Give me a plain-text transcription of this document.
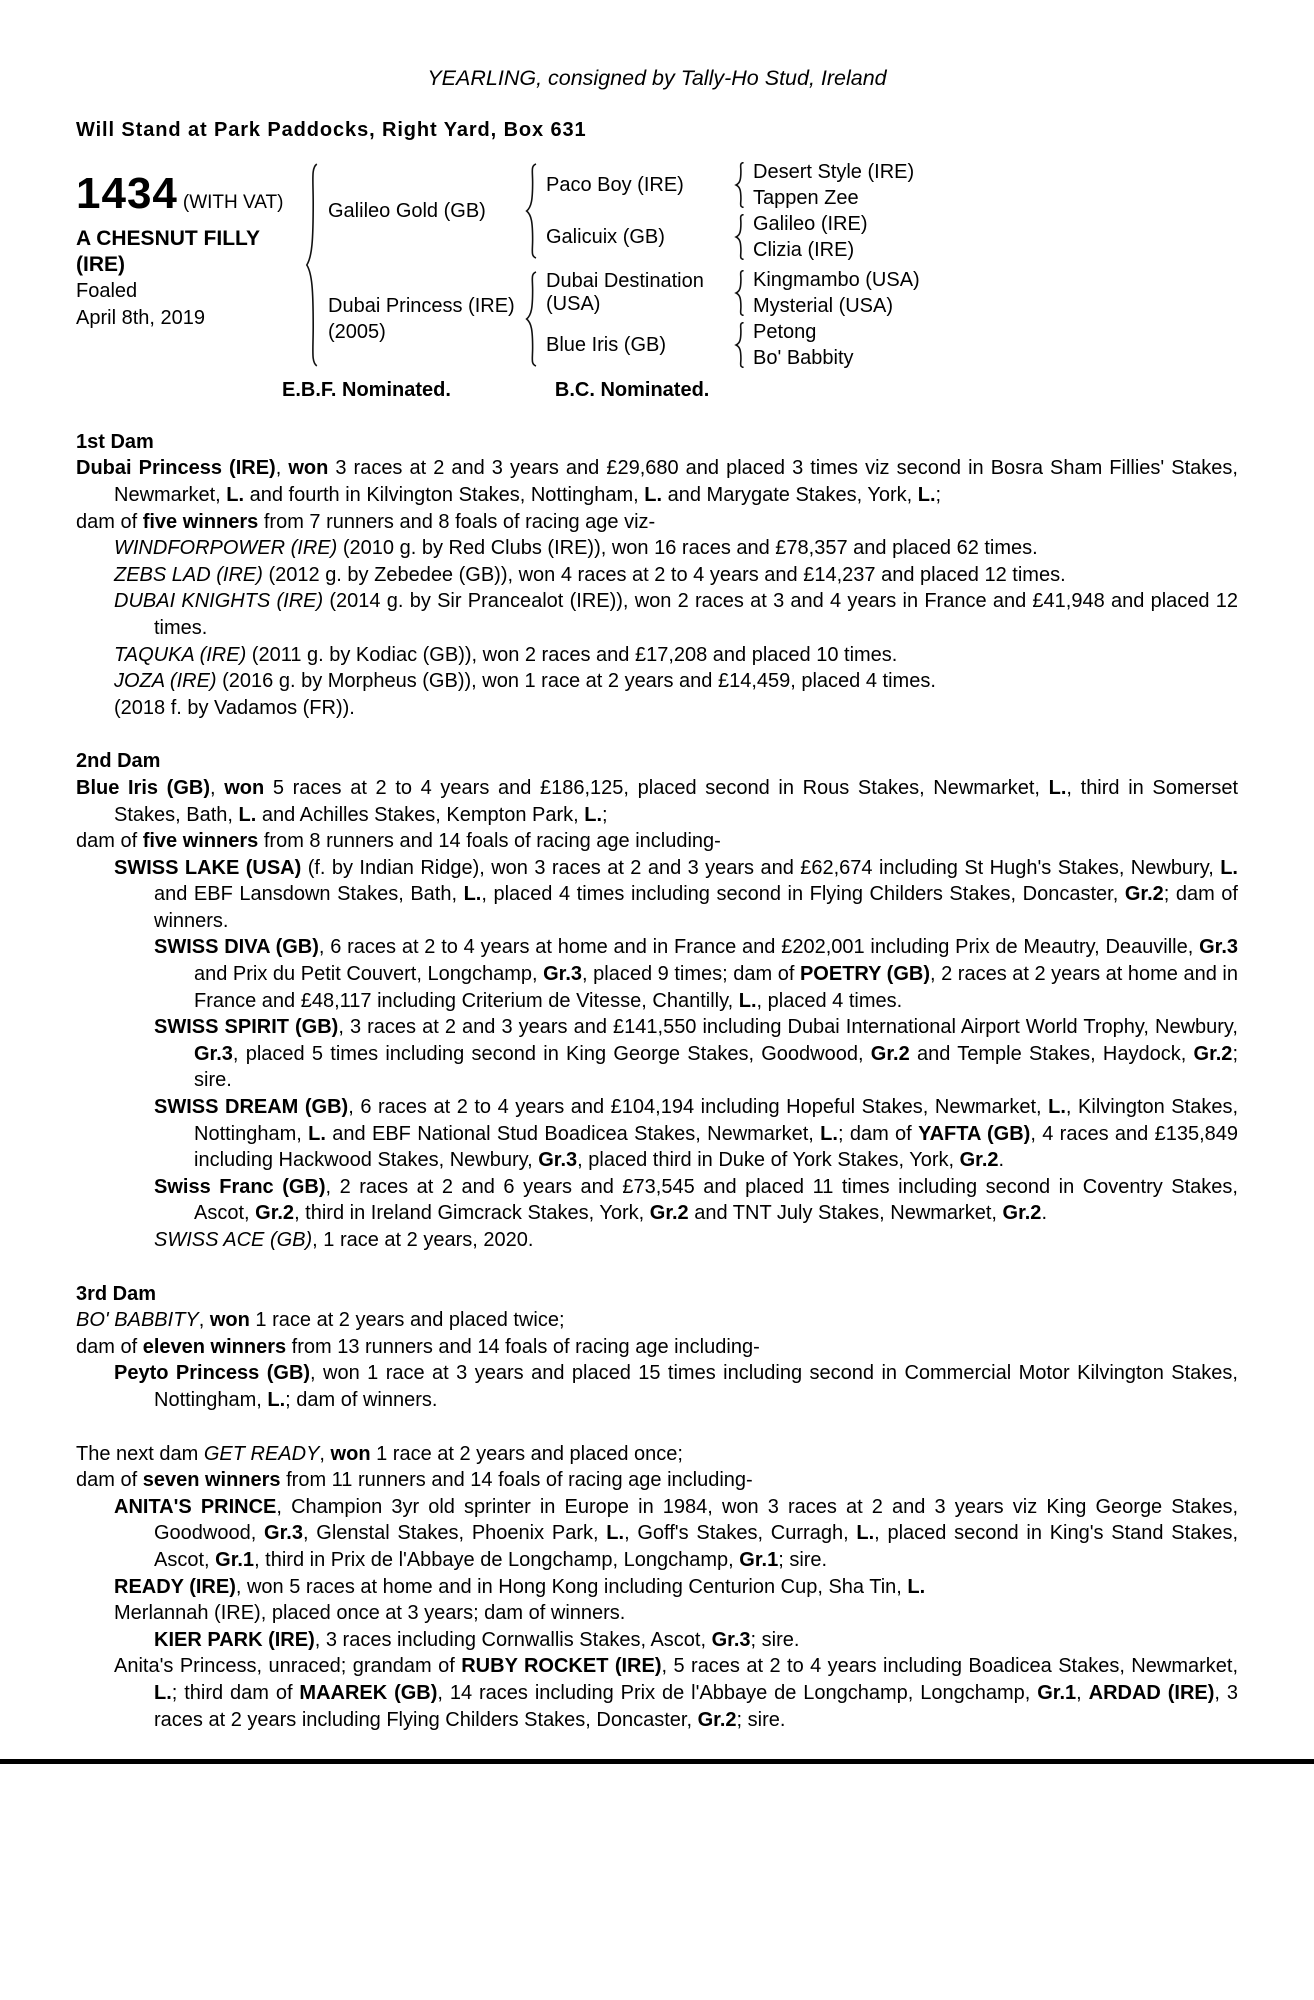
YEARLING, consigned by Tally-Ho Stud, Ireland
Will Stand at Park Paddocks, Right Yard, Box 631
1434 (WITH VAT)
A CHESNUT FILLY
(IRE)
Foaled
April 8th, 2019
Galileo Gold (GB)
Paco Boy (IRE)
Desert Style (IRE)
Tappen Zee
Galicuix (GB)
Galileo (IRE)
Clizia (IRE)
Dubai Princess (IRE)
(2005)
Dubai Destination (USA)
Kingmambo (USA)
Mysterial (USA)
Blue Iris (GB)
Petong
Bo' Babbity
E.B.F. Nominated.	B.C. Nominated.
1st Dam

Dubai Princess (IRE), won 3 races at 2 and 3 years and £29,680 and placed 3 times viz second in Bosra Sham Fillies' Stakes, Newmarket, L. and fourth in Kilvington Stakes, Nottingham, L. and Marygate Stakes, York, L.;

dam of five winners from 7 runners and 8 foals of racing age viz-

WINDFORPOWER (IRE) (2010 g. by Red Clubs (IRE)), won 16 races and £78,357 and placed 62 times.

ZEBS LAD (IRE) (2012 g. by Zebedee (GB)), won 4 races at 2 to 4 years and £14,237 and placed 12 times.

DUBAI KNIGHTS (IRE) (2014 g. by Sir Prancealot (IRE)), won 2 races at 3 and 4 years in France and £41,948 and placed 12 times.

TAQUKA (IRE) (2011 g. by Kodiac (GB)), won 2 races and £17,208 and placed 10 times.

JOZA (IRE) (2016 g. by Morpheus (GB)), won 1 race at 2 years and £14,459, placed 4 times.

(2018 f. by Vadamos (FR)).

2nd Dam

Blue Iris (GB), won 5 races at 2 to 4 years and £186,125, placed second in Rous Stakes, Newmarket, L., third in Somerset Stakes, Bath, L. and Achilles Stakes, Kempton Park, L.;

dam of five winners from 8 runners and 14 foals of racing age including-

SWISS LAKE (USA) (f. by Indian Ridge), won 3 races at 2 and 3 years and £62,674 including St Hugh's Stakes, Newbury, L. and EBF Lansdown Stakes, Bath, L., placed 4 times including second in Flying Childers Stakes, Doncaster, Gr.2; dam of winners.

SWISS DIVA (GB), 6 races at 2 to 4 years at home and in France and £202,001 including Prix de Meautry, Deauville, Gr.3 and Prix du Petit Couvert, Longchamp, Gr.3, placed 9 times; dam of POETRY (GB), 2 races at 2 years at home and in France and £48,117 including Criterium de Vitesse, Chantilly, L., placed 4 times.

SWISS SPIRIT (GB), 3 races at 2 and 3 years and £141,550 including Dubai International Airport World Trophy, Newbury, Gr.3, placed 5 times including second in King George Stakes, Goodwood, Gr.2 and Temple Stakes, Haydock, Gr.2; sire.

SWISS DREAM (GB), 6 races at 2 to 4 years and £104,194 including Hopeful Stakes, Newmarket, L., Kilvington Stakes, Nottingham, L. and EBF National Stud Boadicea Stakes, Newmarket, L.; dam of YAFTA (GB), 4 races and £135,849 including Hackwood Stakes, Newbury, Gr.3, placed third in Duke of York Stakes, York, Gr.2.

Swiss Franc (GB), 2 races at 2 and 6 years and £73,545 and placed 11 times including second in Coventry Stakes, Ascot, Gr.2, third in Ireland Gimcrack Stakes, York, Gr.2 and TNT July Stakes, Newmarket, Gr.2.

SWISS ACE (GB), 1 race at 2 years, 2020.

3rd Dam

BO' BABBITY, won 1 race at 2 years and placed twice;

dam of eleven winners from 13 runners and 14 foals of racing age including-

Peyto Princess (GB), won 1 race at 3 years and placed 15 times including second in Commercial Motor Kilvington Stakes, Nottingham, L.; dam of winners.

The next dam GET READY, won 1 race at 2 years and placed once;

dam of seven winners from 11 runners and 14 foals of racing age including-

ANITA'S PRINCE, Champion 3yr old sprinter in Europe in 1984, won 3 races at 2 and 3 years viz King George Stakes, Goodwood, Gr.3, Glenstal Stakes, Phoenix Park, L., Goff's Stakes, Curragh, L., placed second in King's Stand Stakes, Ascot, Gr.1, third in Prix de l'Abbaye de Longchamp, Longchamp, Gr.1; sire.

READY (IRE), won 5 races at home and in Hong Kong including Centurion Cup, Sha Tin, L.

Merlannah (IRE), placed once at 3 years; dam of winners.

KIER PARK (IRE), 3 races including Cornwallis Stakes, Ascot, Gr.3; sire.

Anita's Princess, unraced; grandam of RUBY ROCKET (IRE), 5 races at 2 to 4 years including Boadicea Stakes, Newmarket, L.; third dam of MAAREK (GB), 14 races including Prix de l'Abbaye de Longchamp, Longchamp, Gr.1, ARDAD (IRE), 3 races at 2 years including Flying Childers Stakes, Doncaster, Gr.2; sire.
